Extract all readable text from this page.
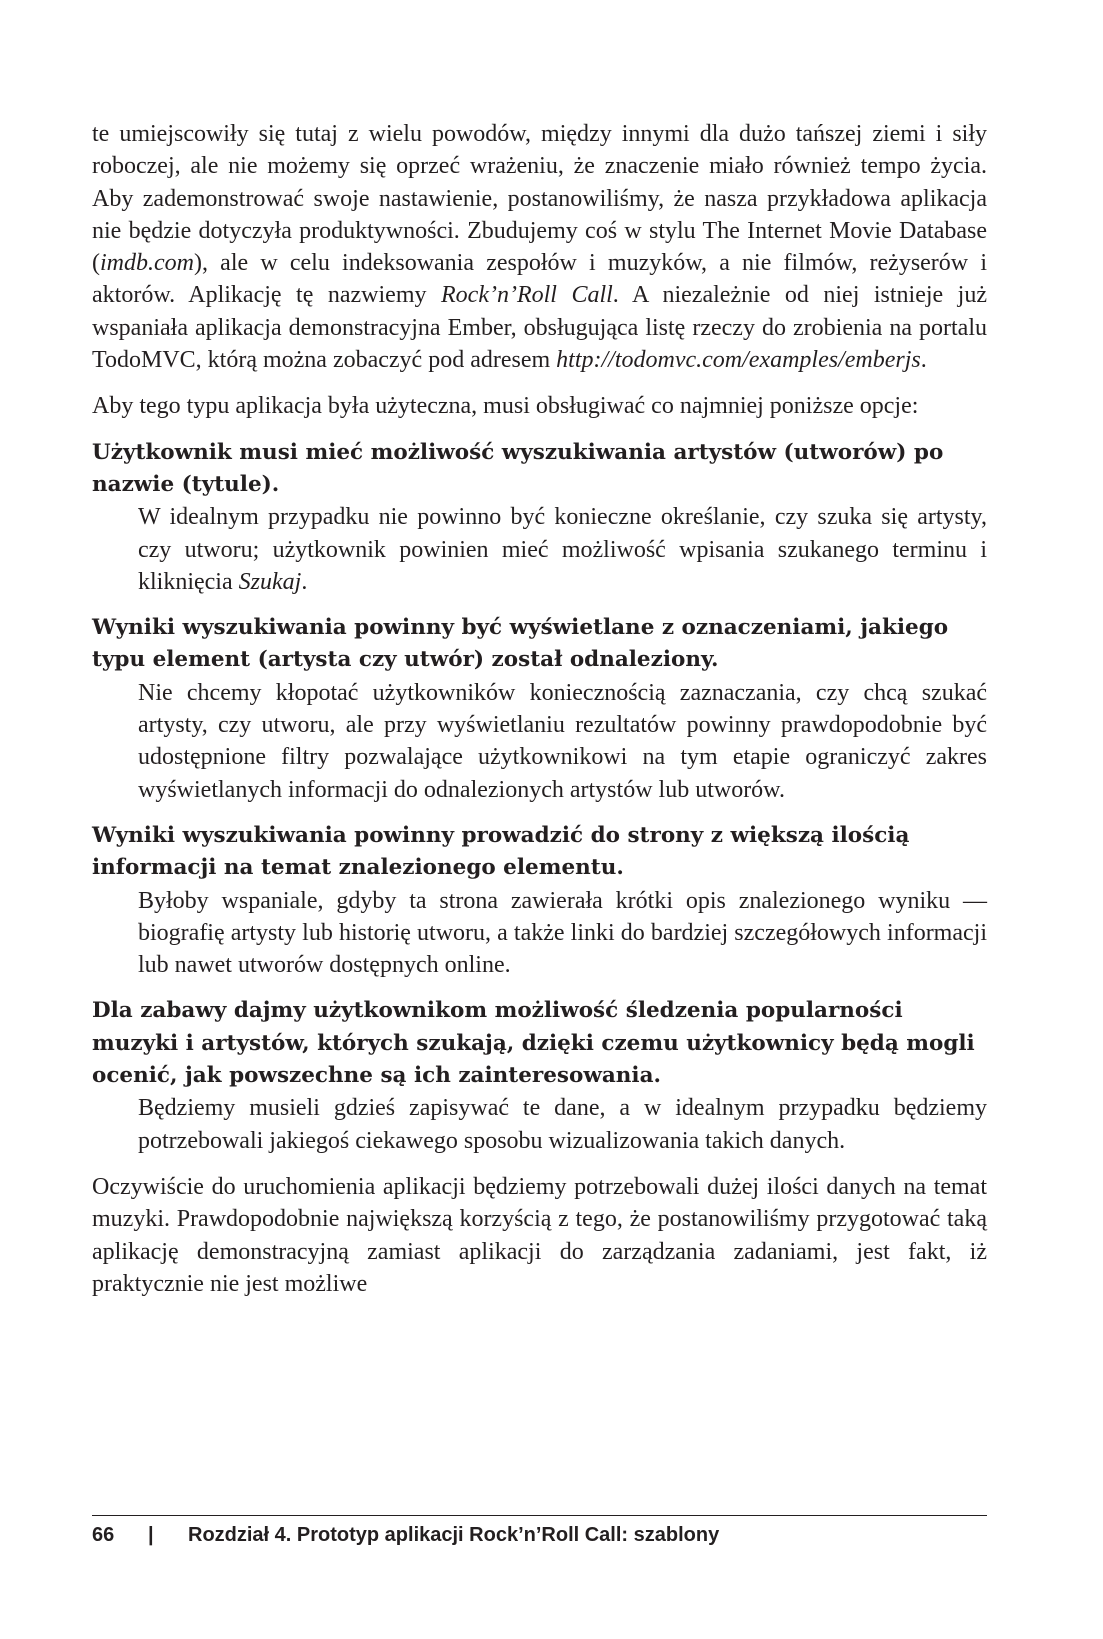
te umiejscowiły się tutaj z wielu powodów, między innymi dla dużo tańszej ziemi i siły roboczej, ale nie możemy się oprzeć wrażeniu, że znaczenie miało również tempo życia. Aby zademonstrować swoje nastawienie, postanowiliśmy, że nasza przykładowa aplikacja nie będzie dotyczyła produktywności. Zbudujemy coś w stylu The Internet Movie Database (imdb.com), ale w celu indeksowania zespołów i muzyków, a nie filmów, reżyserów i aktorów. Aplikację tę nazwiemy Rock’n’Roll Call. A niezależnie od niej istnieje już wspaniała aplikacja demonstracyjna Ember, obsługująca listę rzeczy do zrobienia na portalu TodoMVC, którą można zobaczyć pod adresem http://todomvc.com/examples/emberjs.

Aby tego typu aplikacja była użyteczna, musi obsługiwać co najmniej poniższe opcje:

Użytkownik musi mieć możliwość wyszukiwania artystów (utworów) po nazwie (tytule).

W idealnym przypadku nie powinno być konieczne określanie, czy szuka się artysty, czy utworu; użytkownik powinien mieć możliwość wpisania szukanego terminu i kliknięcia Szukaj.

Wyniki wyszukiwania powinny być wyświetlane z oznaczeniami, jakiego typu element (artysta czy utwór) został odnaleziony.

Nie chcemy kłopotać użytkowników koniecznością zaznaczania, czy chcą szukać artysty, czy utworu, ale przy wyświetlaniu rezultatów powinny prawdopodobnie być udostępnione filtry pozwalające użytkownikowi na tym etapie ograniczyć zakres wyświetlanych informacji do odnalezionych artystów lub utworów.

Wyniki wyszukiwania powinny prowadzić do strony z większą ilością informacji na temat znalezionego elementu.

Byłoby wspaniale, gdyby ta strona zawierała krótki opis znalezionego wyniku — biografię artysty lub historię utworu, a także linki do bardziej szczegółowych informacji lub nawet utworów dostępnych online.

Dla zabawy dajmy użytkownikom możliwość śledzenia popularności muzyki i artystów, których szukają, dzięki czemu użytkownicy będą mogli ocenić, jak powszechne są ich zainteresowania.

Będziemy musieli gdzieś zapisywać te dane, a w idealnym przypadku będziemy potrzebowali jakiegoś ciekawego sposobu wizualizowania takich danych.

Oczywiście do uruchomienia aplikacji będziemy potrzebowali dużej ilości danych na temat muzyki. Prawdopodobnie największą korzyścią z tego, że postanowiliśmy przygotować taką aplikację demonstracyjną zamiast aplikacji do zarządzania zadaniami, jest fakt, iż praktycznie nie jest możliwe

66 | Rozdział 4. Prototyp aplikacji Rock’n’Roll Call: szablony
